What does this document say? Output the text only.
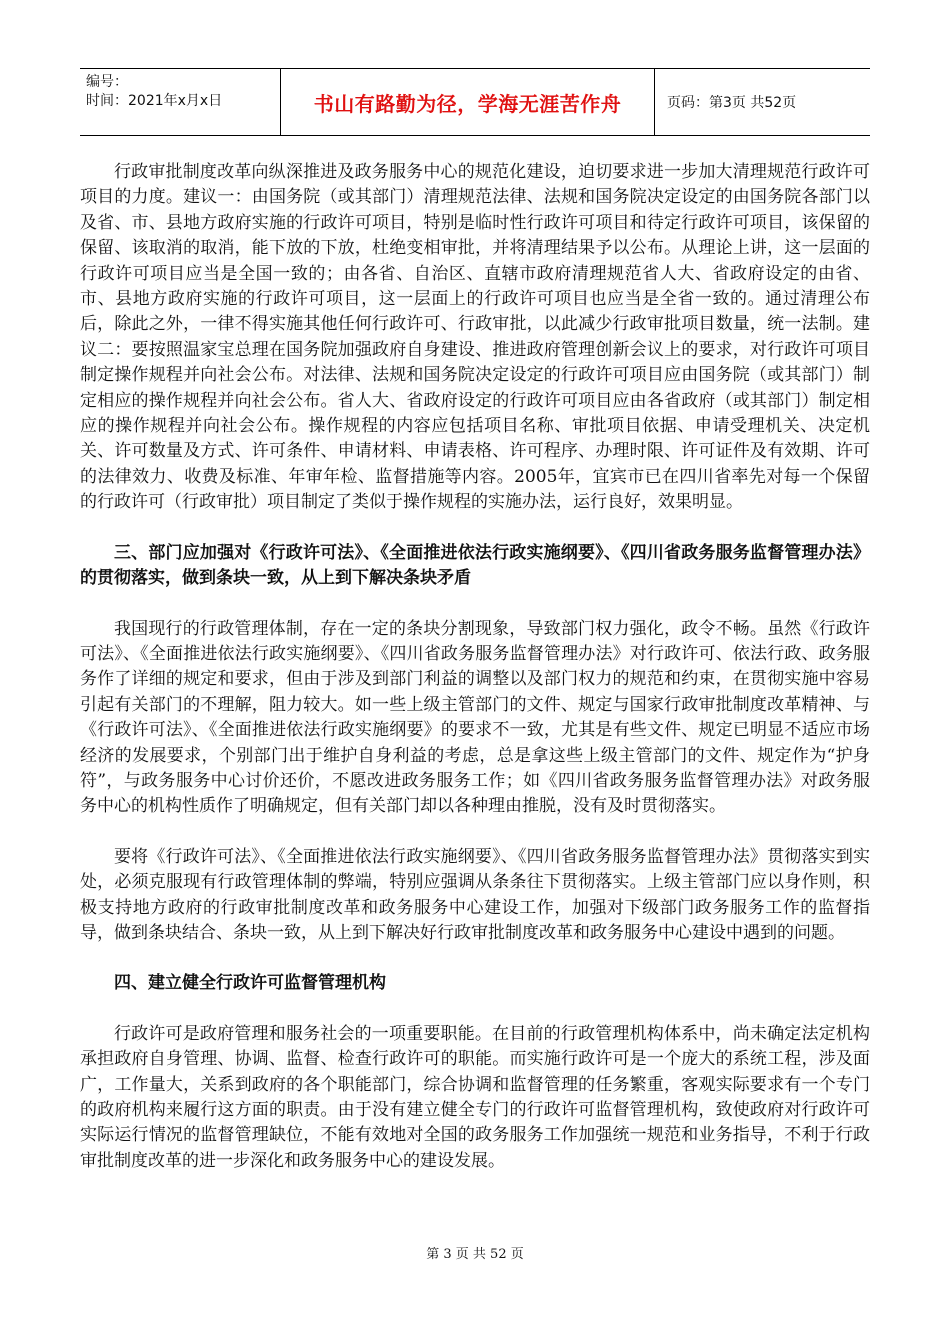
编号：
时间：2021年x月x日	书山有路勤为径，学海无涯苦作舟	页码：第3页 共52页

行政审批制度改革向纵深推进及政务服务中心的规范化建设，迫切要求进一步加大清理规范行政许可项目的力度。建议一：由国务院（或其部门）清理规范法律、法规和国务院决定设定的由国务院各部门以及省、市、县地方政府实施的行政许可项目，特别是临时性行政许可项目和待定行政许可项目，该保留的保留、该取消的取消，能下放的下放，杜绝变相审批，并将清理结果予以公布。从理论上讲，这一层面的行政许可项目应当是全国一致的；由各省、自治区、直辖市政府清理规范省人大、省政府设定的由省、市、县地方政府实施的行政许可项目，这一层面上的行政许可项目也应当是全省一致的。通过清理公布后，除此之外，一律不得实施其他任何行政许可、行政审批，以此减少行政审批项目数量，统一法制。建议二：要按照温家宝总理在国务院加强政府自身建设、推进政府管理创新会议上的要求，对行政许可项目制定操作规程并向社会公布。对法律、法规和国务院决定设定的行政许可项目应由国务院（或其部门）制定相应的操作规程并向社会公布。省人大、省政府设定的行政许可项目应由各省政府（或其部门）制定相应的操作规程并向社会公布。操作规程的内容应包括项目名称、审批项目依据、申请受理机关、决定机关、许可数量及方式、许可条件、申请材料、申请表格、许可程序、办理时限、许可证件及有效期、许可的法律效力、收费及标准、年审年检、监督措施等内容。2005年，宜宾市已在四川省率先对每一个保留的行政许可（行政审批）项目制定了类似于操作规程的实施办法，运行良好，效果明显。

三、部门应加强对《行政许可法》、《全面推进依法行政实施纲要》、《四川省政务服务监督管理办法》的贯彻落实，做到条块一致，从上到下解决条块矛盾

我国现行的行政管理体制，存在一定的条块分割现象，导致部门权力强化，政令不畅。虽然《行政许可法》、《全面推进依法行政实施纲要》、《四川省政务服务监督管理办法》对行政许可、依法行政、政务服务作了详细的规定和要求，但由于涉及到部门利益的调整以及部门权力的规范和约束，在贯彻实施中容易引起有关部门的不理解，阻力较大。如一些上级主管部门的文件、规定与国家行政审批制度改革精神、与《行政许可法》、《全面推进依法行政实施纲要》的要求不一致，尤其是有些文件、规定已明显不适应市场经济的发展要求，个别部门出于维护自身利益的考虑，总是拿这些上级主管部门的文件、规定作为“护身符”，与政务服务中心讨价还价，不愿改进政务服务工作；如《四川省政务服务监督管理办法》对政务服务中心的机构性质作了明确规定，但有关部门却以各种理由推脱，没有及时贯彻落实。

要将《行政许可法》、《全面推进依法行政实施纲要》、《四川省政务服务监督管理办法》贯彻落实到实处，必须克服现有行政管理体制的弊端，特别应强调从条条往下贯彻落实。上级主管部门应以身作则，积极支持地方政府的行政审批制度改革和政务服务中心建设工作，加强对下级部门政务服务工作的监督指导，做到条块结合、条块一致，从上到下解决好行政审批制度改革和政务服务中心建设中遇到的问题。

四、建立健全行政许可监督管理机构

行政许可是政府管理和服务社会的一项重要职能。在目前的行政管理机构体系中，尚未确定法定机构承担政府自身管理、协调、监督、检查行政许可的职能。而实施行政许可是一个庞大的系统工程，涉及面广，工作量大，关系到政府的各个职能部门，综合协调和监督管理的任务繁重，客观实际要求有一个专门的政府机构来履行这方面的职责。由于没有建立健全专门的行政许可监督管理机构，致使政府对行政许可实际运行情况的监督管理缺位，不能有效地对全国的政务服务工作加强统一规范和业务指导，不利于行政审批制度改革的进一步深化和政务服务中心的建设发展。

第 3 页 共 52 页
